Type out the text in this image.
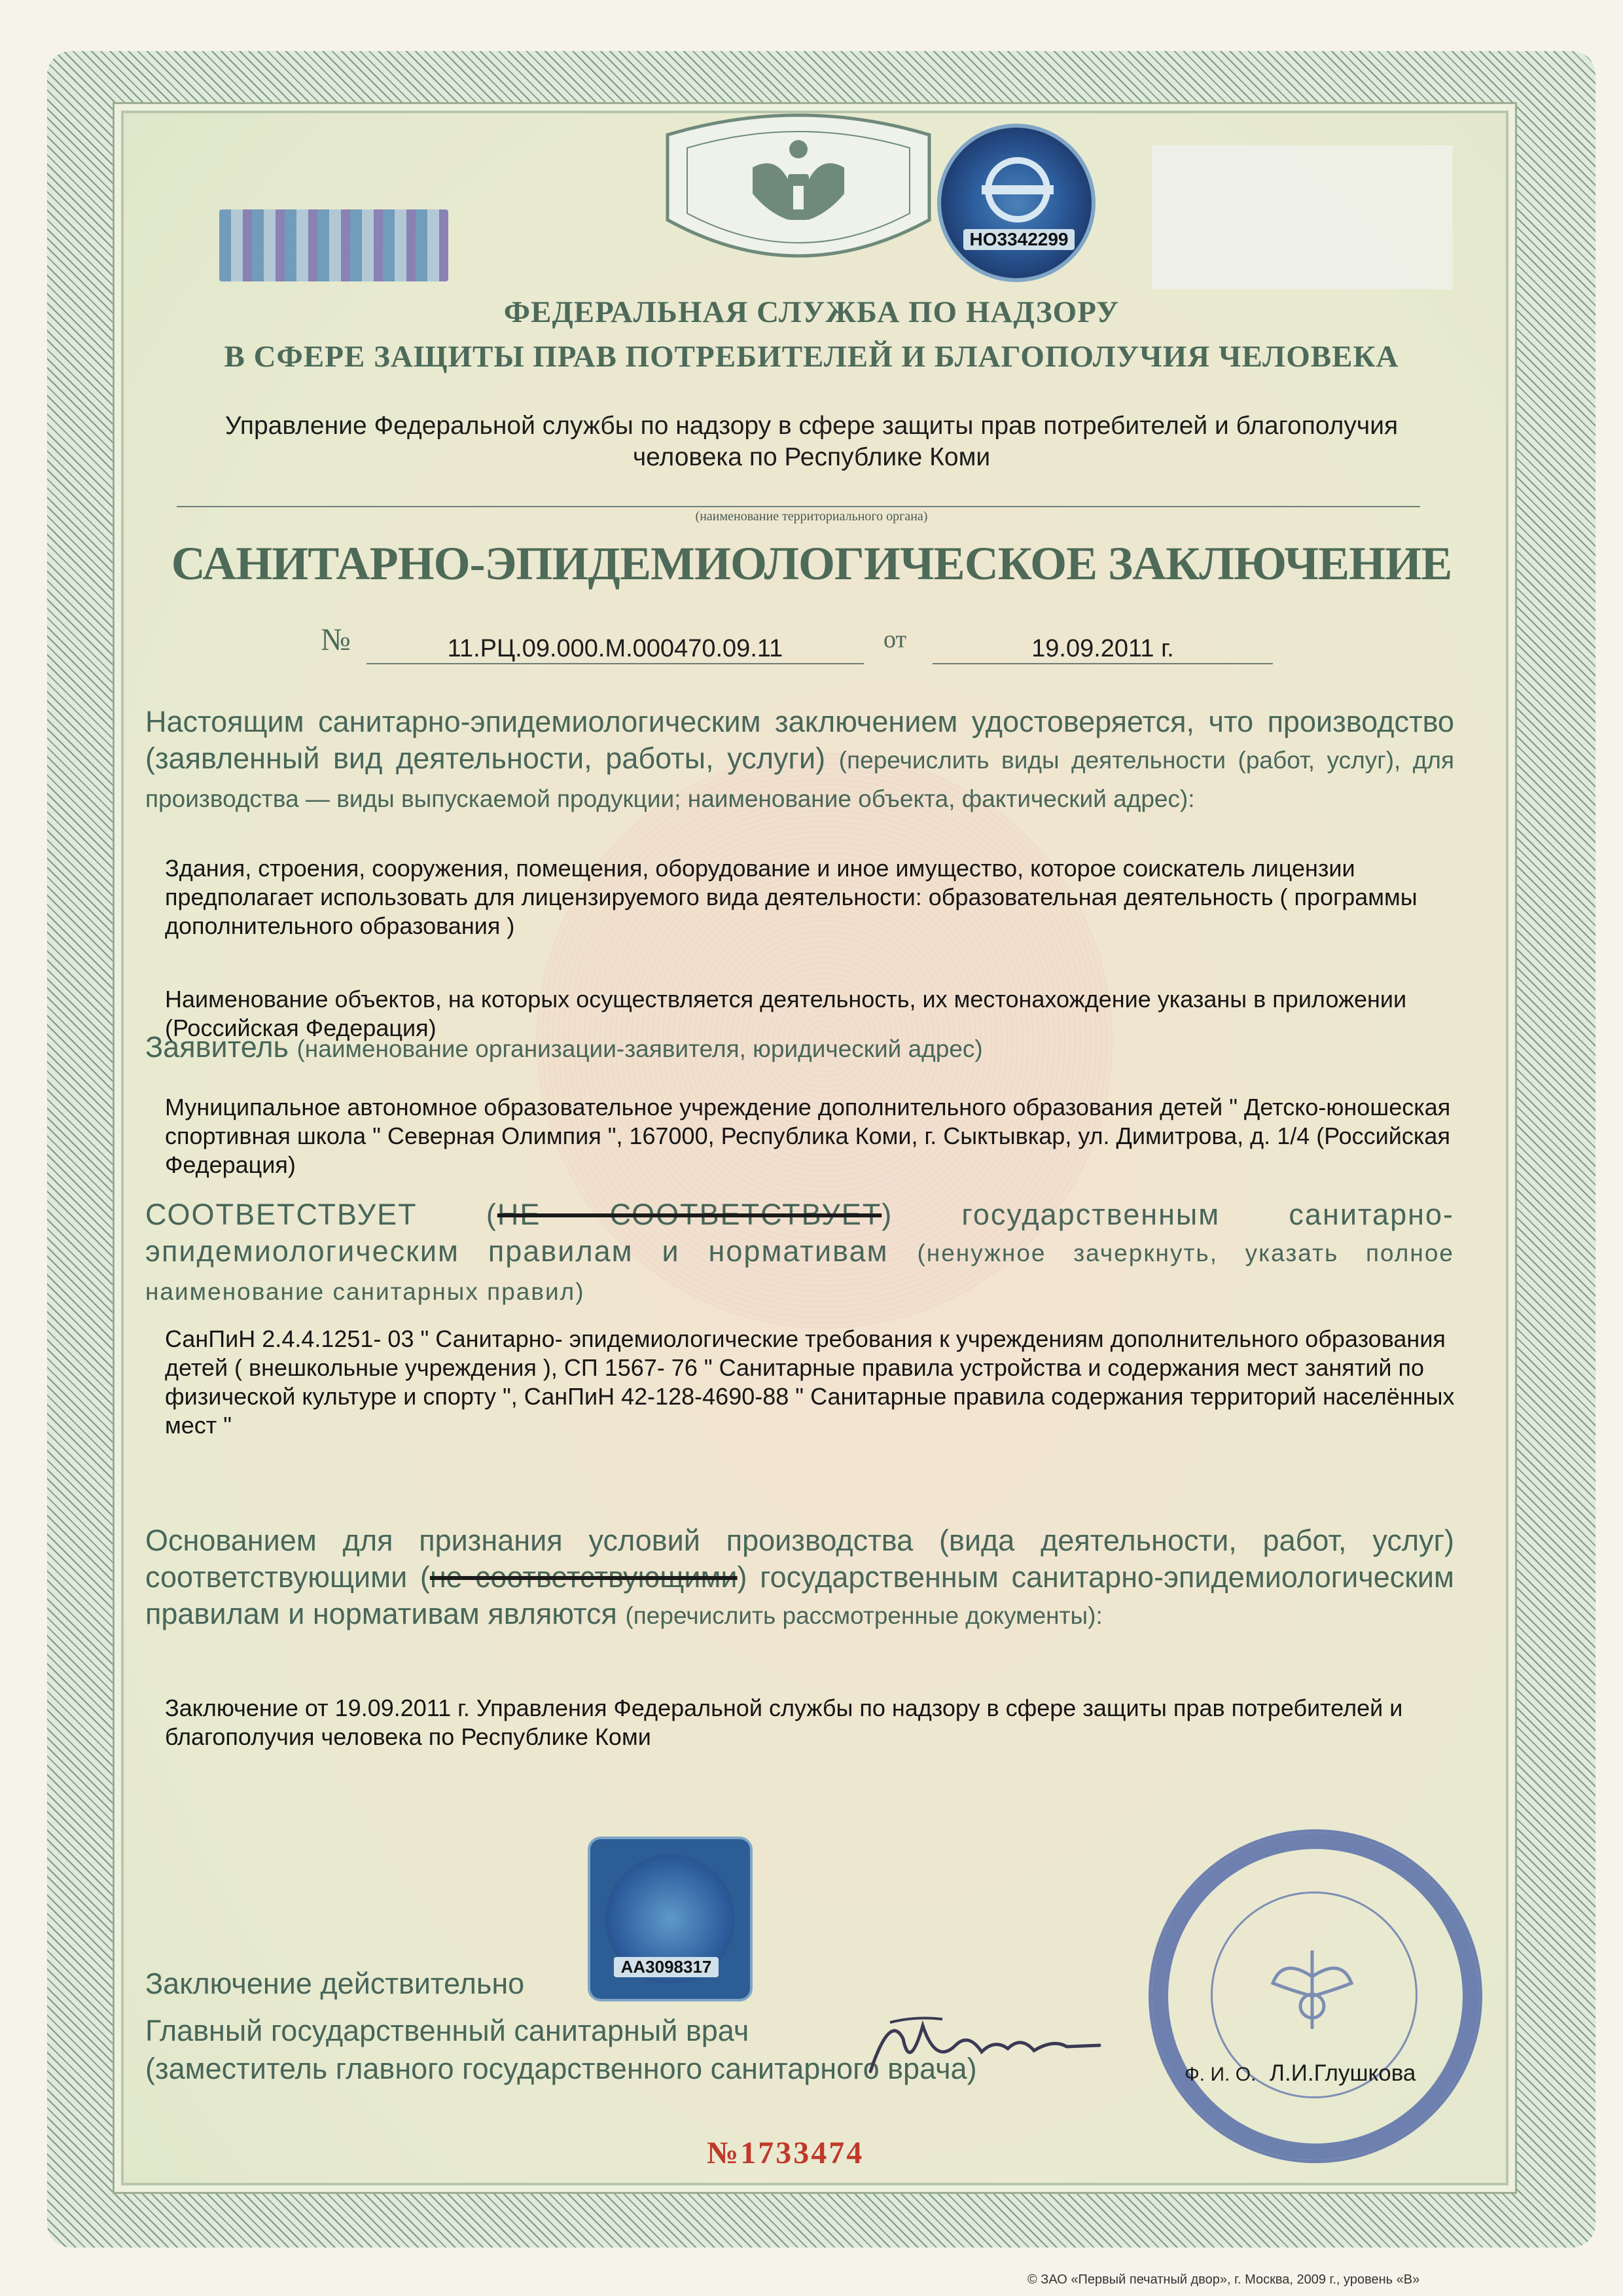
НО3342299
ФЕДЕРАЛЬНАЯ СЛУЖБА ПО НАДЗОРУ
В СФЕРЕ ЗАЩИТЫ ПРАВ ПОТРЕБИТЕЛЕЙ И БЛАГОПОЛУЧИЯ ЧЕЛОВЕКА
Управление Федеральной службы по надзору в сфере защиты прав потребителей и благополучия
человека по Республике Коми
(наименование территориального органа)
САНИТАРНО-ЭПИДЕМИОЛОГИЧЕСКОЕ ЗАКЛЮЧЕНИЕ
№	11.РЦ.09.000.М.000470.09.11	от	19.09.2011 г.
Настоящим санитарно-эпидемиологическим заключением удостоверяется, что производство (заявленный вид деятельности, работы, услуги) (перечислить виды деятельности (работ, услуг), для производства — виды выпускаемой продукции; наименование объекта, фактический адрес):
Здания, строения, сооружения, помещения, оборудование и иное имущество, которое соискатель лицензии предполагает использовать для лицензируемого вида деятельности: образовательная деятельность ( программы дополнительного образования )
Наименование объектов, на которых осуществляется деятельность, их местонахождение указаны в приложении (Российская Федерация)
Заявитель (наименование организации-заявителя, юридический адрес)
Муниципальное автономное образовательное учреждение дополнительного образования детей " Детско-юношеская спортивная школа " Северная Олимпия ", 167000, Республика Коми, г. Сыктывкар, ул. Димитрова, д. 1/4 (Российская Федерация)
СООТВЕТСТВУЕТ (НЕ СООТВЕТСТВУЕТ) государственным санитарно-эпидемиологическим правилам и нормативам (ненужное зачеркнуть, указать полное наименование санитарных правил)
СанПиН 2.4.4.1251- 03 " Санитарно- эпидемиологические требования к учреждениям дополнительного образования детей ( внешкольные учреждения ), СП 1567- 76 " Санитарные правила устройства и содержания мест занятий по физической культуре и спорту ", СанПиН 42-128-4690-88 " Санитарные правила содержания территорий населённых мест "
Основанием для признания условий производства (вида деятельности, работ, услуг) соответствующими (не соответствующими) государственным санитарно-эпидемиологическим правилам и нормативам являются (перечислить рассмотренные документы):
Заключение от 19.09.2011 г. Управления Федеральной службы по надзору в сфере защиты прав потребителей и благополучия человека по Республике Коми
АА3098317
Заключение действительно
Главный государственный санитарный врач
(заместитель главного государственного санитарного врача)	Ф. И. О. Л.И.Глушкова
№1733474
© ЗАО «Первый печатный двор», г. Москва, 2009 г., уровень «В»
